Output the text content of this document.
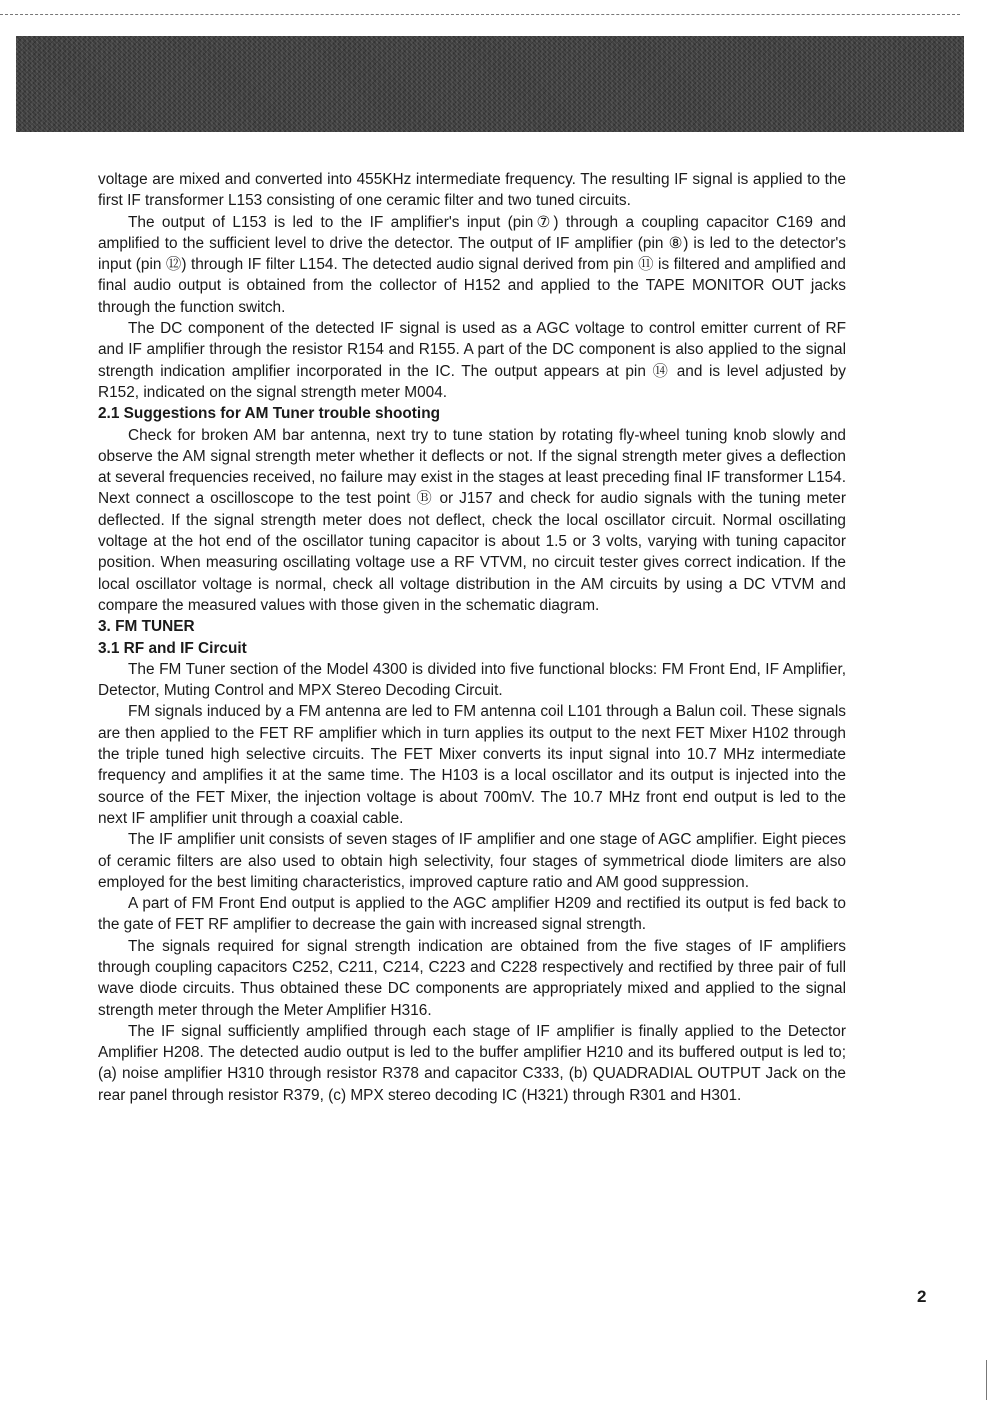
voltage are mixed and converted into 455KHz intermediate frequency. The resulting IF signal is applied to the first IF transformer L153 consisting of one ceramic filter and two tuned circuits.

The output of L153 is led to the IF amplifier's input (pin⑦) through a coupling capacitor C169 and amplified to the sufficient level to drive the detector. The output of IF amplifier (pin ⑧) is led to the detector's input (pin ⑫) through IF filter L154. The detected audio signal derived from pin ⑪ is filtered and amplified and final audio output is obtained from the collector of H152 and applied to the TAPE MONITOR OUT jacks through the function switch.

The DC component of the detected IF signal is used as a AGC voltage to control emitter current of RF and IF amplifier through the resistor R154 and R155. A part of the DC component is also applied to the signal strength indication amplifier incorporated in the IC. The output appears at pin ⑭ and is level adjusted by R152, indicated on the signal strength meter M004.

2.1 Suggestions for AM Tuner trouble shooting

Check for broken AM bar antenna, next try to tune station by rotating fly-wheel tuning knob slowly and observe the AM signal strength meter whether it deflects or not. If the signal strength meter gives a deflection at several frequencies received, no failure may exist in the stages at least preceding final IF transformer L154. Next connect a oscilloscope to the test point Ⓑ or J157 and check for audio signals with the tuning meter deflected. If the signal strength meter does not deflect, check the local oscillator circuit. Normal oscillating voltage at the hot end of the oscillator tuning capacitor is about 1.5 or 3 volts, varying with tuning capacitor position. When measuring oscillating voltage use a RF VTVM, no circuit tester gives correct indication. If the local oscillator voltage is normal, check all voltage distribution in the AM circuits by using a DC VTVM and compare the measured values with those given in the schematic diagram.

3. FM TUNER

3.1 RF and IF Circuit

The FM Tuner section of the Model 4300 is divided into five functional blocks: FM Front End, IF Amplifier, Detector, Muting Control and MPX Stereo Decoding Circuit.

FM signals induced by a FM antenna are led to FM antenna coil L101 through a Balun coil. These signals are then applied to the FET RF amplifier which in turn applies its output to the next FET Mixer H102 through the triple tuned high selective circuits. The FET Mixer converts its input signal into 10.7 MHz intermediate frequency and amplifies it at the same time. The H103 is a local oscillator and its output is injected into the source of the FET Mixer, the injection voltage is about 700mV. The 10.7 MHz front end output is led to the next IF amplifier unit through a coaxial cable.

The IF amplifier unit consists of seven stages of IF amplifier and one stage of AGC amplifier. Eight pieces of ceramic filters are also used to obtain high selectivity, four stages of symmetrical diode limiters are also employed for the best limiting characteristics, improved capture ratio and AM good suppression.

A part of FM Front End output is applied to the AGC amplifier H209 and rectified its output is fed back to the gate of FET RF amplifier to decrease the gain with increased signal strength.

The signals required for signal strength indication are obtained from the five stages of IF amplifiers through coupling capacitors C252, C211, C214, C223 and C228 respectively and rectified by three pair of full wave diode circuits. Thus obtained these DC components are appropriately mixed and applied to the signal strength meter through the Meter Amplifier H316.

The IF signal sufficiently amplified through each stage of IF amplifier is finally applied to the Detector Amplifier H208. The detected audio output is led to the buffer amplifier H210 and its buffered output is led to; (a) noise amplifier H310 through resistor R378 and capacitor C333, (b) QUADRADIAL OUTPUT Jack on the rear panel through resistor R379, (c) MPX stereo decoding IC (H321) through R301 and H301.

2
